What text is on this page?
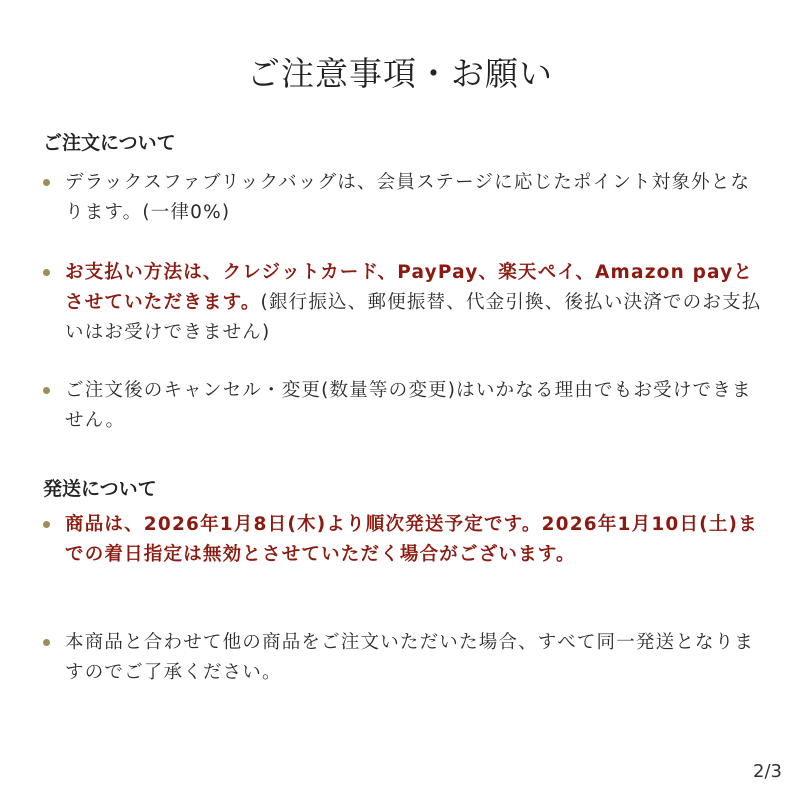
ご注意事項・お願い
ご注文について
デラックスファブリックバッグは、会員ステージに応じたポイント対象外となります。(一律0%)
お支払い方法は、クレジットカード、PayPay、楽天ペイ、Amazon payとさせていただきます。(銀行振込、郵便振替、代金引換、後払い決済でのお支払いはお受けできません)
ご注文後のキャンセル・変更(数量等の変更)はいかなる理由でもお受けできません。
発送について
商品は、2026年1月8日(木)より順次発送予定です。2026年1月10日(土)までの着日指定は無効とさせていただく場合がございます。
本商品と合わせて他の商品をご注文いただいた場合、すべて同一発送となりますのでご了承ください。
2/3
